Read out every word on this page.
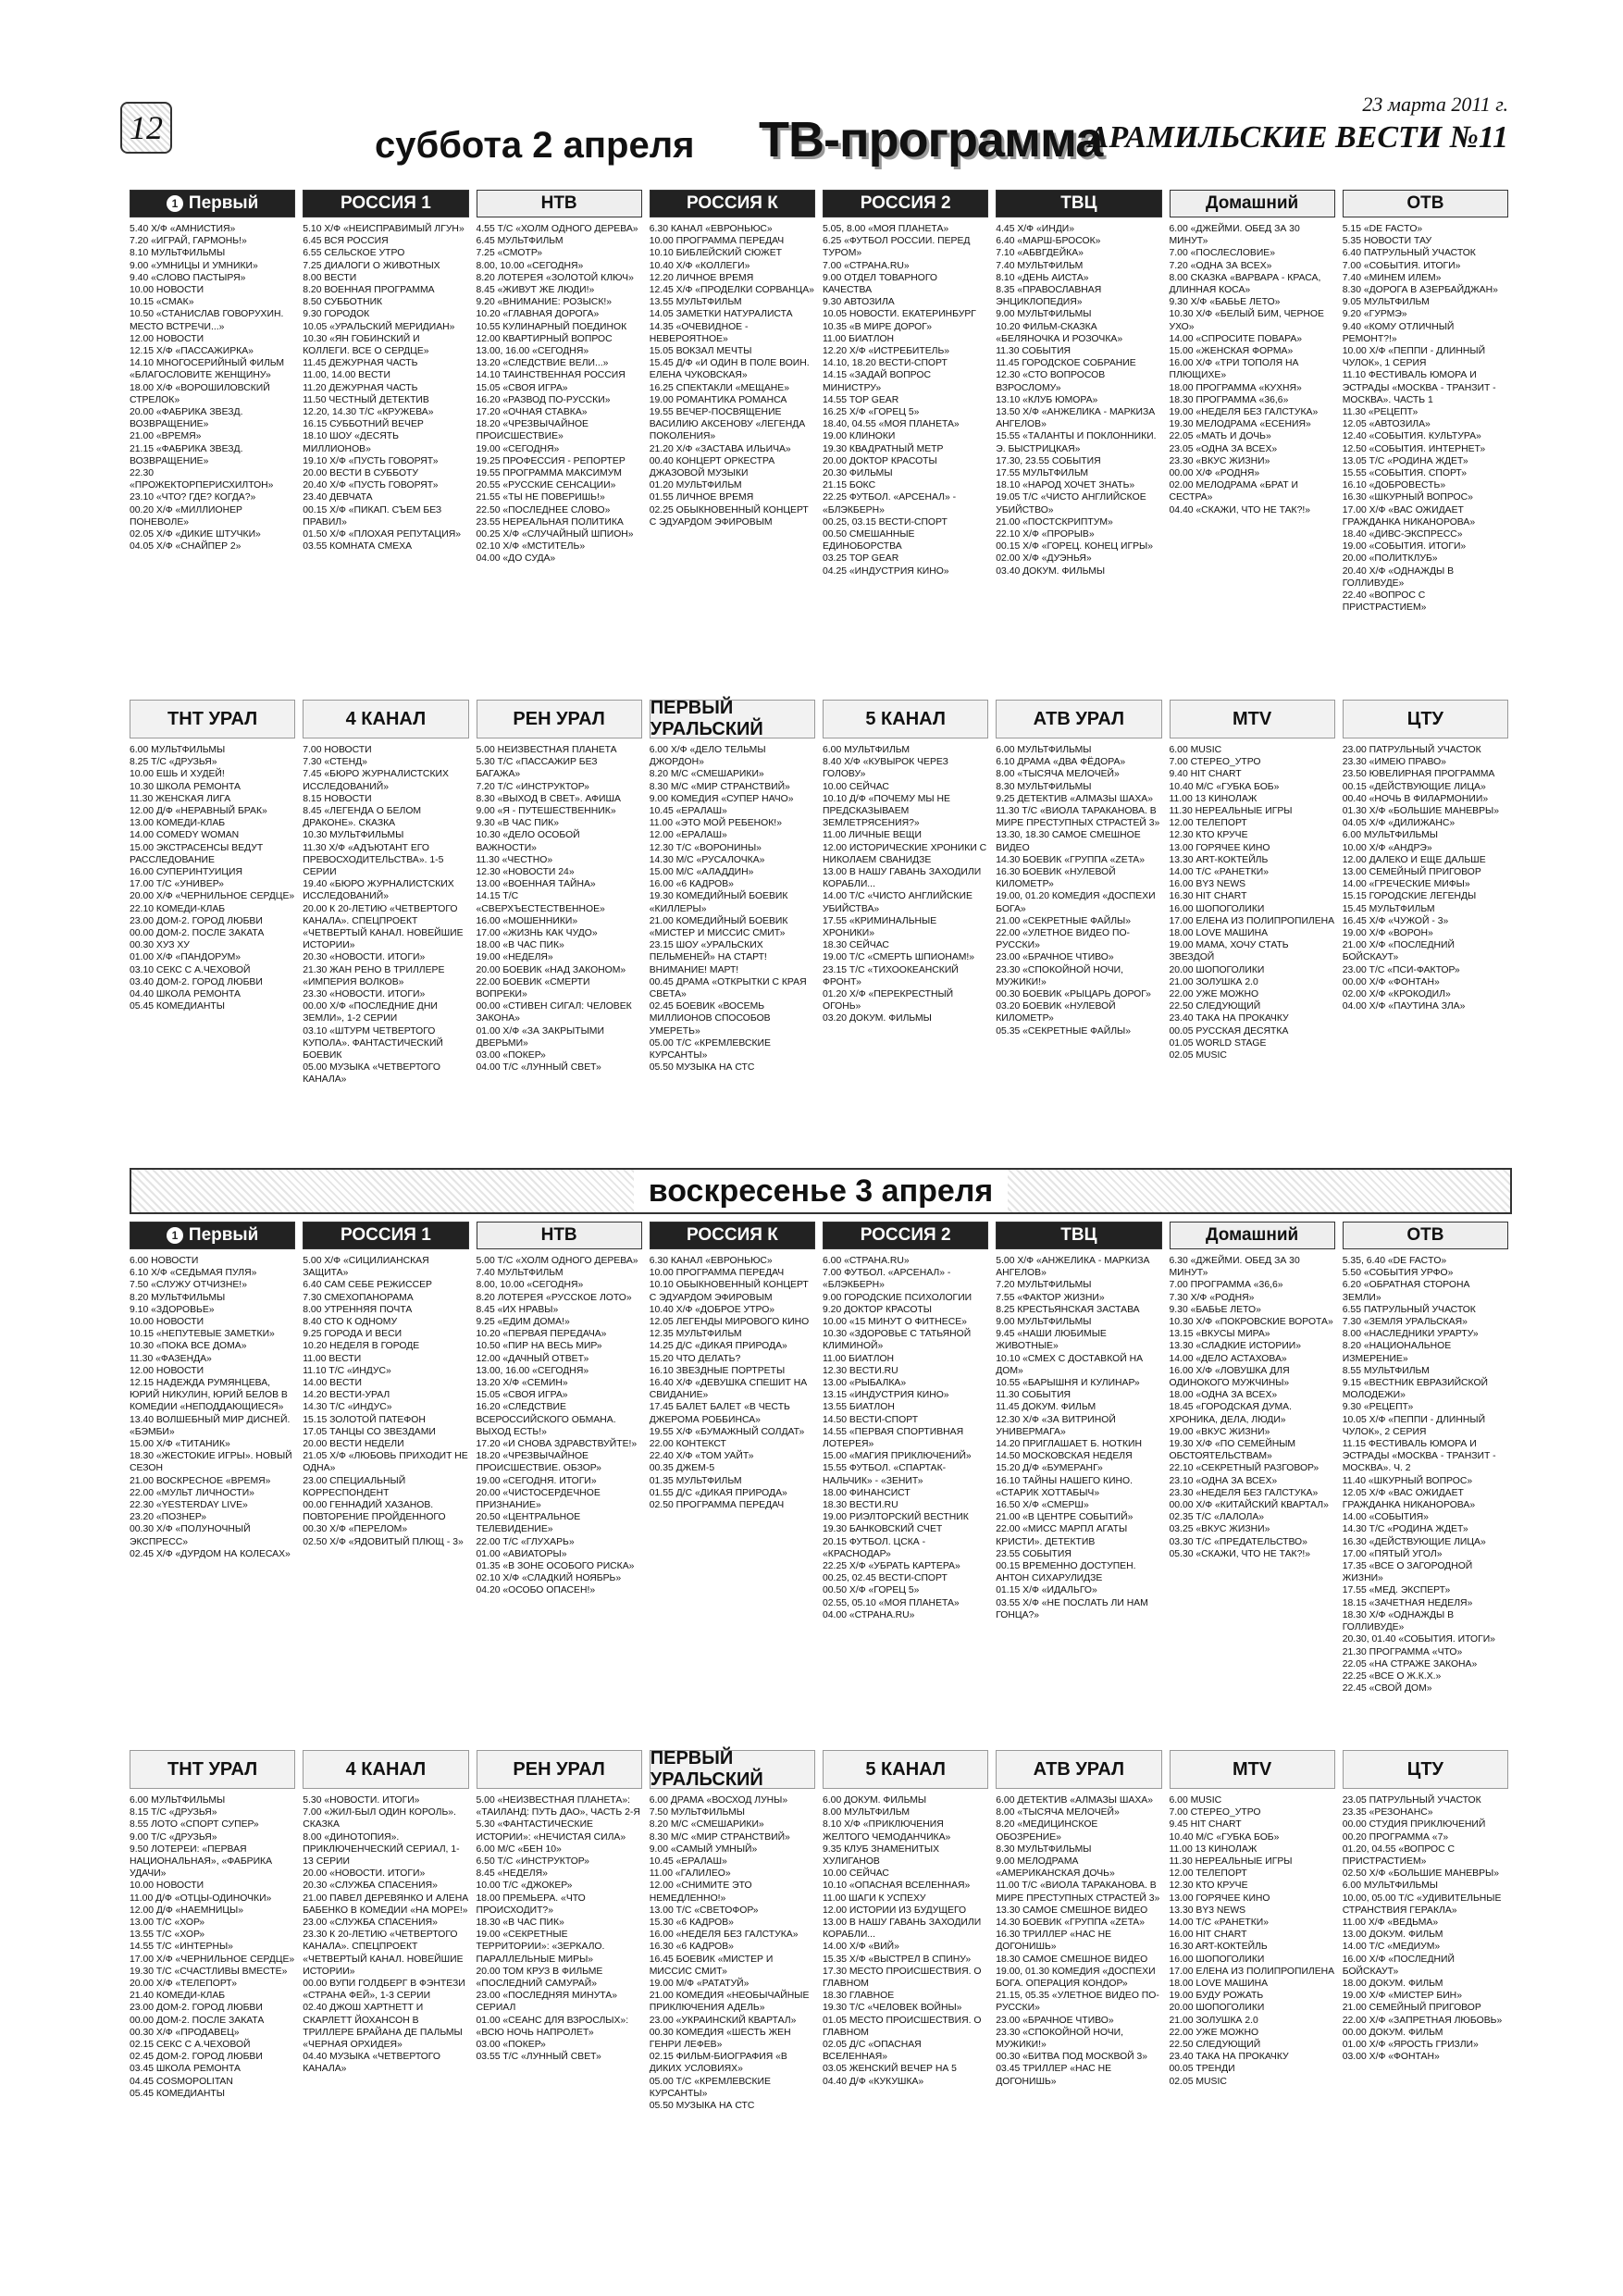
12	суббота 2 апреля ТВ-программа
23 марта 2011 г.
АРАМИЛЬСКИЕ ВЕСТИ №11
1 Первый
5.40 Х/Ф «АМНИСТИЯ»
7.20 «ИГРАЙ, ГАРМОНЬ!»
8.10 МУЛЬТФИЛЬМЫ
9.00 «УМНИЦЫ И УМНИКИ»
9.40 «СЛОВО ПАСТЫРЯ»
10.00 НОВОСТИ
10.15 «СМАК»
10.50 «СТАНИСЛАВ ГОВОРУХИН. МЕСТО ВСТРЕЧИ...»
12.00 НОВОСТИ
12.15 Х/Ф «ПАССАЖИРКА»
14.10 МНОГОСЕРИЙНЫЙ ФИЛЬМ «БЛАГОСЛОВИТЕ ЖЕНЩИНУ»
18.00 Х/Ф «ВОРОШИЛОВСКИЙ СТРЕЛОК»
20.00 «ФАБРИКА ЗВЕЗД. ВОЗВРАЩЕНИЕ»
21.00 «ВРЕМЯ»
21.15 «ФАБРИКА ЗВЕЗД. ВОЗВРАЩЕНИЕ»
22.30 «ПРОЖЕКТОРПЕРИСХИЛТОН»
23.10 «ЧТО? ГДЕ? КОГДА?»
00.20 Х/Ф «МИЛЛИОНЕР ПОНЕВОЛЕ»
02.05 Х/Ф «ДИКИЕ ШТУЧКИ»
04.05 Х/Ф «СНАЙПЕР 2»
РОССИЯ 1
5.10 Х/Ф «НЕИСПРАВИМЫЙ ЛГУН»
6.45 ВСЯ РОССИЯ
6.55 СЕЛЬСКОЕ УТРО
7.25 ДИАЛОГИ О ЖИВОТНЫХ
8.00 ВЕСТИ
8.20 ВОЕННАЯ ПРОГРАММА
8.50 СУББОТНИК
9.30 ГОРОДОК
10.05 «УРАЛЬСКИЙ МЕРИДИАН»
10.30 «ЯН ГОБИНСКИЙ И КОЛЛЕГИ. ВСЕ О СЕРДЦЕ»
11.45 ДЕЖУРНАЯ ЧАСТЬ
11.00, 14.00 ВЕСТИ
11.20 ДЕЖУРНАЯ ЧАСТЬ
11.50 ЧЕСТНЫЙ ДЕТЕКТИВ
12.20, 14.30 Т/С «КРУЖЕВА»
16.15 СУББОТНИЙ ВЕЧЕР
18.10 ШОУ «ДЕСЯТЬ МИЛЛИОНОВ»
19.10 Х/Ф «ПУСТЬ ГОВОРЯТ»
20.00 ВЕСТИ В СУББОТУ
20.40 Х/Ф «ПУСТЬ ГОВОРЯТ»
23.40 ДЕВЧАТА
00.15 Х/Ф «ПИКАП. СЪЕМ БЕЗ ПРАВИЛ»
01.50 Х/Ф «ПЛОХАЯ РЕПУТАЦИЯ»
03.55 КОМНАТА СМЕХА
НТВ
4.55 Т/С «ХОЛМ ОДНОГО ДЕРЕВА»
6.45 МУЛЬТФИЛЬМ
7.25 «СМОТР»
8.00, 10.00 «СЕГОДНЯ»
8.20 ЛОТЕРЕЯ «ЗОЛОТОЙ КЛЮЧ»
8.45 «ЖИВУТ ЖЕ ЛЮДИ!»
9.20 «ВНИМАНИЕ: РОЗЫСК!»
10.20 «ГЛАВНАЯ ДОРОГА»
10.55 КУЛИНАРНЫЙ ПОЕДИНОК
12.00 КВАРТИРНЫЙ ВОПРОС
13.00, 16.00 «СЕГОДНЯ»
13.20 «СЛЕДСТВИЕ ВЕЛИ...»
14.10 ТАИНСТВЕННАЯ РОССИЯ
15.05 «СВОЯ ИГРА»
16.20 «РАЗВОД ПО-РУССКИ»
17.20 «ОЧНАЯ СТАВКА»
18.20 «ЧРЕЗВЫЧАЙНОЕ ПРОИСШЕСТВИЕ»
19.00 «СЕГОДНЯ»
19.25 ПРОФЕССИЯ - РЕПОРТЕР
19.55 ПРОГРАММА МАКСИМУМ
20.55 «РУССКИЕ СЕНСАЦИИ»
21.55 «ТЫ НЕ ПОВЕРИШЬ!»
22.50 «ПОСЛЕДНЕЕ СЛОВО»
23.55 НЕРЕАЛЬНАЯ ПОЛИТИКА
00.25 Х/Ф «СЛУЧАЙНЫЙ ШПИОН»
02.10 Х/Ф «МСТИТЕЛЬ»
04.00 «ДО СУДА»
РОССИЯ К
6.30 КАНАЛ «ЕВРОНЬЮС»
10.00 ПРОГРАММА ПЕРЕДАЧ
10.10 БИБЛЕЙСКИЙ СЮЖЕТ
10.40 Х/Ф «КОЛЛЕГИ»
12.20 ЛИЧНОЕ ВРЕМЯ
12.45 Х/Ф «ПРОДЕЛКИ СОРВАНЦА»
13.55 МУЛЬТФИЛЬМ
14.05 ЗАМЕТКИ НАТУРАЛИСТА
14.35 «ОЧЕВИДНОЕ - НЕВЕРОЯТНОЕ»
15.05 ВОКЗАЛ МЕЧТЫ
15.45 Д/Ф «И ОДИН В ПОЛЕ ВОИН. ЕЛЕНА ЧУКОВСКАЯ»
16.25 СПЕКТАКЛИ «МЕЩАНЕ»
19.00 РОМАНТИКА РОМАНСА
19.55 ВЕЧЕР-ПОСВЯЩЕНИЕ ВАСИЛИЮ АКСЕНОВУ «ЛЕГЕНДА ПОКОЛЕНИЯ»
21.20 Х/Ф «ЗАСТАВА ИЛЬИЧА»
00.40 КОНЦЕРТ ОРКЕСТРА ДЖАЗОВОЙ МУЗЫКИ
01.20 МУЛЬТФИЛЬМ
01.55 ЛИЧНОЕ ВРЕМЯ
02.25 ОБЫКНОВЕННЫЙ КОНЦЕРТ С ЭДУАРДОМ ЭФИРОВЫМ
РОССИЯ 2
5.05, 8.00 «МОЯ ПЛАНЕТА»
6.25 «ФУТБОЛ РОССИИ. ПЕРЕД ТУРОМ»
7.00 «СТРАНА.RU»
9.00 ОТДЕЛ ТОВАРНОГО КАЧЕСТВА
9.30 АВТОЗИЛА
10.05 НОВОСТИ. ЕКАТЕРИНБУРГ
10.35 «В МИРЕ ДОРОГ»
11.00 БИАТЛОН
12.20 Х/Ф «ИСТРЕБИТЕЛЬ»
14.10, 18.20 ВЕСТИ-СПОРТ
14.15 «ЗАДАЙ ВОПРОС МИНИСТРУ»
14.55 TOP GEAR
16.25 Х/Ф «ГОРЕЦ 5»
18.40, 04.55 «МОЯ ПЛАНЕТА»
19.00 КЛИНОКИ
19.30 КВАДРАТНЫЙ МЕТР
20.00 ДОКТОР КРАСОТЫ
20.30 ФИЛЬМЫ
21.15 БОКС
22.25 ФУТБОЛ. «АРСЕНАЛ» - «БЛЭКБЕРН»
00.25, 03.15 ВЕСТИ-СПОРТ
00.50 СМЕШАННЫЕ ЕДИНОБОРСТВА
03.25 TOP GEAR
04.25 «ИНДУСТРИЯ КИНО»
ТВЦ
4.45 Х/Ф «ИНДИ»
6.40 «МАРШ-БРОСОК»
7.10 «АБВГДЕЙКА»
7.40 МУЛЬТФИЛЬМ
8.10 «ДЕНЬ АИСТА»
8.35 «ПРАВОСЛАВНАЯ ЭНЦИКЛОПЕДИЯ»
9.00 МУЛЬТФИЛЬМЫ
10.20 ФИЛЬМ-СКАЗКА «БЕЛЯНОЧКА И РОЗОЧКА»
11.30 СОБЫТИЯ
11.45 ГОРОДСКОЕ СОБРАНИЕ
12.30 «СТО ВОПРОСОВ ВЗРОСЛОМУ»
13.10 «КЛУБ ЮМОРА»
13.50 Х/Ф «АНЖЕЛИКА - МАРКИЗА АНГЕЛОВ»
15.55 «ТАЛАНТЫ И ПОКЛОННИКИ. Э. БЫСТРИЦКАЯ»
17.30, 23.55 СОБЫТИЯ
17.55 МУЛЬТФИЛЬМ
18.10 «НАРОД ХОЧЕТ ЗНАТЬ»
19.05 Т/С «ЧИСТО АНГЛИЙСКОЕ УБИЙСТВО»
21.00 «ПОСТСКРИПТУМ»
22.10 Х/Ф «ПРОРЫВ»
00.15 Х/Ф «ГОРЕЦ. КОНЕЦ ИГРЫ»
02.00 Х/Ф «ДУЭНЬЯ»
03.40 ДОКУМ. ФИЛЬМЫ
Домашний
6.00 «ДЖЕЙМИ. ОБЕД ЗА 30 МИНУТ»
7.00 «ПОСЛЕСЛОВИЕ»
7.20 «ОДНА ЗА ВСЕХ»
8.00 СКАЗКА «ВАРВАРА - КРАСА, ДЛИННАЯ КОСА»
9.30 Х/Ф «БАБЬЕ ЛЕТО»
10.30 Х/Ф «БЕЛЫЙ БИМ, ЧЕРНОЕ УХО»
14.00 «СПРОСИТЕ ПОВАРА»
15.00 «ЖЕНСКАЯ ФОРМА»
16.00 Х/Ф «ТРИ ТОПОЛЯ НА ПЛЮЩИХЕ»
18.00 ПРОГРАММА «КУХНЯ»
18.30 ПРОГРАММА «36,6»
19.00 «НЕДЕЛЯ БЕЗ ГАЛСТУКА»
19.30 МЕЛОДРАМА «ЕСЕНИЯ»
22.05 «МАТЬ И ДОЧЬ»
23.05 «ОДНА ЗА ВСЕХ»
23.30 «ВКУС ЖИЗНИ»
00.00 Х/Ф «РОДНЯ»
02.00 МЕЛОДРАМА «БРАТ И СЕСТРА»
04.40 «СКАЖИ, ЧТО НЕ ТАК?!»
ОТВ
5.15 «DE FACTO»
5.35 НОВОСТИ ТАУ
6.40 ПАТРУЛЬНЫЙ УЧАСТОК
7.00 «СОБЫТИЯ. ИТОГИ»
7.40 «МИНЕМ ИЛЕМ»
8.30 «ДОРОГА В АЗЕРБАЙДЖАН»
9.05 МУЛЬТФИЛЬМ
9.20 «ГУРМЭ»
9.40 «КОМУ ОТЛИЧНЫЙ РЕМОНТ?!»
10.00 Х/Ф «ПЕППИ - ДЛИННЫЙ ЧУЛОК», 1 СЕРИЯ
11.10 ФЕСТИВАЛЬ ЮМОРА И ЭСТРАДЫ «МОСКВА - ТРАНЗИТ - МОСКВА». ЧАСТЬ 1
11.30 «РЕЦЕПТ»
12.05 «АВТОЗИЛА»
12.40 «СОБЫТИЯ. КУЛЬТУРА»
12.50 «СОБЫТИЯ. ИНТЕРНЕТ»
13.05 Т/С «РОДИНА ЖДЕТ»
15.55 «СОБЫТИЯ. СПОРТ»
16.10 «ДОБРОВЕСТЬ»
16.30 «ШКУРНЫЙ ВОПРОС»
17.00 Х/Ф «ВАС ОЖИДАЕТ ГРАЖДАНКА НИКАНОРОВА»
18.40 «ДИВС-ЭКСПРЕСС»
19.00 «СОБЫТИЯ. ИТОГИ»
20.00 «ПОЛИТКЛУБ»
20.40 Х/Ф «ОДНАЖДЫ В ГОЛЛИВУДЕ»
22.40 «ВОПРОС С ПРИСТРАСТИЕМ»
ТНТ УРАЛ
6.00 МУЛЬТФИЛЬМЫ
8.25 Т/С «ДРУЗЬЯ»
10.00 ЕШЬ И ХУДЕЙ!
10.30 ШКОЛА РЕМОНТА
11.30 ЖЕНСКАЯ ЛИГА
12.00 Д/Ф «НЕРАВНЫЙ БРАК»
13.00 КОМЕДИ-КЛАБ
14.00 COMEDY WOMAN
15.00 ЭКСТРАСЕНСЫ ВЕДУТ РАССЛЕДОВАНИЕ
16.00 СУПЕРИНТУИЦИЯ
17.00 Т/С «УНИВЕР»
20.00 Х/Ф «ЧЕРНИЛЬНОЕ СЕРДЦЕ»
22.10 КОМЕДИ-КЛАБ
23.00 ДОМ-2. ГОРОД ЛЮБВИ
00.00 ДОМ-2. ПОСЛЕ ЗАКАТА
00.30 ХУЗ ХУ
01.00 Х/Ф «ПАНДОРУМ»
03.10 СЕКС С А.ЧЕХОВОЙ
03.40 ДОМ-2. ГОРОД ЛЮБВИ
04.40 ШКОЛА РЕМОНТА
05.45 КОМЕДИАНТЫ
4 КАНАЛ
7.00 НОВОСТИ
7.30 «СТЕНД»
7.45 «БЮРО ЖУРНАЛИСТСКИХ ИССЛЕДОВАНИЙ»
8.15 НОВОСТИ
8.45 «ЛЕГЕНДА О БЕЛОМ ДРАКОНЕ». СКАЗКА
10.30 МУЛЬТФИЛЬМЫ
11.30 Х/Ф «АДЪЮТАНТ ЕГО ПРЕВОСХОДИТЕЛЬСТВА». 1-5 СЕРИИ
19.40 «БЮРО ЖУРНАЛИСТСКИХ ИССЛЕДОВАНИЙ»
20.00 К 20-ЛЕТИЮ «ЧЕТВЕРТОГО КАНАЛА». СПЕЦПРОЕКТ «ЧЕТВЕРТЫЙ КАНАЛ. НОВЕЙШИЕ ИСТОРИИ»
20.30 «НОВОСТИ. ИТОГИ»
21.30 ЖАН РЕНО В ТРИЛЛЕРЕ «ИМПЕРИЯ ВОЛКОВ»
23.30 «НОВОСТИ. ИТОГИ»
00.00 Х/Ф «ПОСЛЕДНИЕ ДНИ ЗЕМЛИ», 1-2 СЕРИИ
03.10 «ШТУРМ ЧЕТВЕРТОГО КУПОЛА». ФАНТАСТИЧЕСКИЙ БОЕВИК
05.00 МУЗЫКА «ЧЕТВЕРТОГО КАНАЛА»
РЕН УРАЛ
5.00 НЕИЗВЕСТНАЯ ПЛАНЕТА
5.30 Т/С «ПАССАЖИР БЕЗ БАГАЖА»
7.20 Т/С «ИНСТРУКТОР»
8.30 «ВЫХОД В СВЕТ». АФИША
9.00 «Я - ПУТЕШЕСТВЕННИК»
9.30 «В ЧАС ПИК»
10.30 «ДЕЛО ОСОБОЙ ВАЖНОСТИ»
11.30 «ЧЕСТНО»
12.30 «НОВОСТИ 24»
13.00 «ВОЕННАЯ ТАЙНА»
14.15 Т/С «СВЕРХЪЕСТЕСТВЕННОЕ»
16.00 «МОШЕННИКИ»
17.00 «ЖИЗНЬ КАК ЧУДО»
18.00 «В ЧАС ПИК»
19.00 «НЕДЕЛЯ»
20.00 БОЕВИК «НАД ЗАКОНОМ»
22.00 БОЕВИК «СМЕРТИ ВОПРЕКИ»
00.00 «СТИВЕН СИГАЛ: ЧЕЛОВЕК ЗАКОНА»
01.00 Х/Ф «ЗА ЗАКРЫТЫМИ ДВЕРЬМИ»
03.00 «ПОКЕР»
04.00 Т/С «ЛУННЫЙ СВЕТ»
ПЕРВЫЙ УРАЛЬСКИЙ
6.00 Х/Ф «ДЕЛО ТЕЛЬМЫ ДЖОРДОН»
8.20 М/С «СМЕШАРИКИ»
8.30 М/С «МИР СТРАНСТВИЙ»
9.00 КОМЕДИЯ «СУПЕР НАЧО»
10.45 «ЕРАЛАШ»
11.00 «ЭТО МОЙ РЕБЕНОК!»
12.00 «ЕРАЛАШ»
12.30 Т/С «ВОРОНИНЫ»
14.30 М/С «РУСАЛОЧКА»
15.00 М/С «АЛАДДИН»
16.00 «6 КАДРОВ»
19.30 КОМЕДИЙНЫЙ БОЕВИК «КИЛЛЕРЫ»
21.00 КОМЕДИЙНЫЙ БОЕВИК «МИСТЕР И МИССИС СМИТ»
23.15 ШОУ «УРАЛЬСКИХ ПЕЛЬМЕНЕЙ» НА СТАРТ! ВНИМАНИЕ! МАРТ!
00.45 ДРАМА «ОТКРЫТКИ С КРАЯ СВЕТА»
02.45 БОЕВИК «ВОСЕМЬ МИЛЛИОНОВ СПОСОБОВ УМЕРЕТЬ»
05.00 Т/С «КРЕМЛЕВСКИЕ КУРСАНТЫ»
05.50 МУЗЫКА НА СТС
5 КАНАЛ
6.00 МУЛЬТФИЛЬМ
8.40 Х/Ф «КУВЫРОК ЧЕРЕЗ ГОЛОВУ»
10.00 СЕЙЧАС
10.10 Д/Ф «ПОЧЕМУ МЫ НЕ ПРЕДСКАЗЫВАЕМ ЗЕМЛЕТРЯСЕНИЯ?»
11.00 ЛИЧНЫЕ ВЕЩИ
12.00 ИСТОРИЧЕСКИЕ ХРОНИКИ С НИКОЛАЕМ СВАНИДЗЕ
13.00 В НАШУ ГАВАНЬ ЗАХОДИЛИ КОРАБЛИ...
14.00 Т/С «ЧИСТО АНГЛИЙСКИЕ УБИЙСТВА»
17.55 «КРИМИНАЛЬНЫЕ ХРОНИКИ»
18.30 СЕЙЧАС
19.00 Т/С «СМЕРТЬ ШПИОНАМ!»
23.15 Т/С «ТИХООКЕАНСКИЙ ФРОНТ»
01.20 Х/Ф «ПЕРЕКРЕСТНЫЙ ОГОНЬ»
03.20 ДОКУМ. ФИЛЬМЫ
АТВ УРАЛ
6.00 МУЛЬТФИЛЬМЫ
6.10 ДРАМА «ДВА ФЁДОРА»
8.00 «ТЫСЯЧА МЕЛОЧЕЙ»
8.30 МУЛЬТФИЛЬМЫ
9.25 ДЕТЕКТИВ «АЛМАЗЫ ШАХА»
11.30 Т/С «ВИОЛА ТАРАКАНОВА. В МИРЕ ПРЕСТУПНЫХ СТРАСТЕЙ 3»
13.30, 18.30 САМОЕ СМЕШНОЕ ВИДЕО
14.30 БОЕВИК «ГРУППА «ZETA»
16.30 БОЕВИК «НУЛЕВОЙ КИЛОМЕТР»
19.00, 01.20 КОМЕДИЯ «ДОСПЕХИ БОГА»
21.00 «СЕКРЕТНЫЕ ФАЙЛЫ»
22.00 «УЛЕТНОЕ ВИДЕО ПО-РУССКИ»
23.00 «БРАЧНОЕ ЧТИВО»
23.30 «СПОКОЙНОЙ НОЧИ, МУЖИКИ!»
00.30 БОЕВИК «РЫЦАРЬ ДОРОГ»
03.20 БОЕВИК «НУЛЕВОЙ КИЛОМЕТР»
05.35 «СЕКРЕТНЫЕ ФАЙЛЫ»
MTV
6.00 MUSIC
7.00 СТЕРЕО_УТРО
9.40 HIT CHART
10.40 М/С «ГУБКА БОБ»
11.00 13 КИНОЛАЖ
11.30 НЕРЕАЛЬНЫЕ ИГРЫ
12.00 ТЕЛЕПОРТ
12.30 КТО КРУЧЕ
13.00 ГОРЯЧЕЕ КИНО
13.30 ART-КОКТЕЙЛЬ
14.00 Т/С «РАНЕТКИ»
16.00 BY3 NEWS
16.30 HIT CHART
16.00 ШОПОГОЛИКИ
17.00 ЕЛЕНА ИЗ ПОЛИПРОПИЛЕНА
18.00 LOVE МАШИНА
19.00 МАМА, ХОЧУ СТАТЬ ЗВЕЗДОЙ
20.00 ШОПОГОЛИКИ
21.00 ЗОЛУШКА 2.0
22.00 УЖЕ МОЖНО
22.50 СЛЕДУЮЩИЙ
23.40 ТАКА НА ПРОКАЧКУ
00.05 РУССКАЯ ДЕСЯТКА
01.05 WORLD STAGE
02.05 MUSIC
ЦТУ
23.00 ПАТРУЛЬНЫЙ УЧАСТОК
23.30 «ИМЕЮ ПРАВО»
23.50 ЮВЕЛИРНАЯ ПРОГРАММА
00.15 «ДЕЙСТВУЮЩИЕ ЛИЦА»
00.40 «НОЧЬ В ФИЛАРМОНИИ»
01.30 Х/Ф «БОЛЬШИЕ МАНЕВРЫ»
04.05 Х/Ф «ДИЛИЖАНС»
6.00 МУЛЬТФИЛЬМЫ
10.00 Х/Ф «АНДРЭ»
12.00 ДАЛЕКО И ЕЩЕ ДАЛЬШЕ
13.00 СЕМЕЙНЫЙ ПРИГОВОР
14.00 «ГРЕЧЕСКИЕ МИФЫ»
15.15 ГОРОДСКИЕ ЛЕГЕНДЫ
15.45 МУЛЬТФИЛЬМ
16.45 Х/Ф «ЧУЖОЙ - 3»
19.00 Х/Ф «ВОРОН»
21.00 Х/Ф «ПОСЛЕДНИЙ БОЙСКАУТ»
23.00 Т/С «ПСИ-ФАКТОР»
00.00 Х/Ф «ФОНТАН»
02.00 Х/Ф «КРОКОДИЛ»
04.00 Х/Ф «ПАУТИНА ЗЛА»
воскресенье 3 апреля
1 Первый
6.00 НОВОСТИ
6.10 Х/Ф «СЕДЬМАЯ ПУЛЯ»
7.50 «СЛУЖУ ОТЧИЗНЕ!»
8.20 МУЛЬТФИЛЬМЫ
9.10 «ЗДОРОВЬЕ»
10.00 НОВОСТИ
10.15 «НЕПУТЕВЫЕ ЗАМЕТКИ»
10.30 «ПОКА ВСЕ ДОМА»
11.30 «ФАЗЕНДА»
12.00 НОВОСТИ
12.15 НАДЕЖДА РУМЯНЦЕВА, ЮРИЙ НИКУЛИН, ЮРИЙ БЕЛОВ В КОМЕДИИ «НЕПОДДАЮЩИЕСЯ»
13.40 ВОЛШЕБНЫЙ МИР ДИСНЕЙ. «БЭМБИ»
15.00 Х/Ф «ТИТАНИК»
18.30 «ЖЕСТОКИЕ ИГРЫ». НОВЫЙ СЕЗОН
21.00 ВОСКРЕСНОЕ «ВРЕМЯ»
22.00 «МУЛЬТ ЛИЧНОСТИ»
22.30 «YESTERDAY LIVE»
23.20 «ПОЗНЕР»
00.30 Х/Ф «ПОЛУНОЧНЫЙ ЭКСПРЕСС»
02.45 Х/Ф «ДУРДОМ НА КОЛЕСАХ»
РОССИЯ 1
5.00 Х/Ф «СИЦИЛИАНСКАЯ ЗАЩИТА»
6.40 САМ СЕБЕ РЕЖИССЕР
7.30 СМЕХОПАНОРАМА
8.00 УТРЕННЯЯ ПОЧТА
8.40 СТО К ОДНОМУ
9.25 ГОРОДА И ВЕСИ
10.20 НЕДЕЛЯ В ГОРОДЕ
11.00 ВЕСТИ
11.10 Т/С «ИНДУС»
14.00 ВЕСТИ
14.20 ВЕСТИ-УРАЛ
14.30 Т/С «ИНДУС»
15.15 ЗОЛОТОЙ ПАТЕФОН
17.05 ТАНЦЫ СО ЗВЕЗДАМИ
20.00 ВЕСТИ НЕДЕЛИ
21.05 Х/Ф «ЛЮБОВЬ ПРИХОДИТ НЕ ОДНА»
23.00 СПЕЦИАЛЬНЫЙ КОРРЕСПОНДЕНТ
00.00 ГЕННАДИЙ ХАЗАНОВ. ПОВТОРЕНИЕ ПРОЙДЕННОГО
00.30 Х/Ф «ПЕРЕЛОМ»
02.50 Х/Ф «ЯДОВИТЫЙ ПЛЮЩ - 3»
НТВ
5.00 Т/С «ХОЛМ ОДНОГО ДЕРЕВА»
7.40 МУЛЬТФИЛЬМ
8.00, 10.00 «СЕГОДНЯ»
8.20 ЛОТЕРЕЯ «РУССКОЕ ЛОТО»
8.45 «ИХ НРАВЫ»
9.25 «ЕДИМ ДОМА!»
10.20 «ПЕРВАЯ ПЕРЕДАЧА»
10.50 «ПИР НА ВЕСЬ МИР»
12.00 «ДАЧНЫЙ ОТВЕТ»
13.00, 16.00 «СЕГОДНЯ»
13.20 Х/Ф «СЕМИН»
15.05 «СВОЯ ИГРА»
16.20 «СЛЕДСТВИЕ ВСЕРОССИЙСКОГО ОБМАНА. ВЫХОД ЕСТЬ!»
17.20 «И СНОВА ЗДРАВСТВУЙТЕ!»
18.20 «ЧРЕЗВЫЧАЙНОЕ ПРОИСШЕСТВИЕ. ОБЗОР»
19.00 «СЕГОДНЯ. ИТОГИ»
20.00 «ЧИСТОСЕРДЕЧНОЕ ПРИЗНАНИЕ»
20.50 «ЦЕНТРАЛЬНОЕ ТЕЛЕВИДЕНИЕ»
22.00 Т/С «ГЛУХАРЬ»
01.00 «АВИАТОРЫ»
01.35 «В ЗОНЕ ОСОБОГО РИСКА»
02.10 Х/Ф «СЛАДКИЙ НОЯБРЬ»
04.20 «ОСОБО ОПАСЕН!»
РОССИЯ К
6.30 КАНАЛ «ЕВРОНЬЮС»
10.00 ПРОГРАММА ПЕРЕДАЧ
10.10 ОБЫКНОВЕННЫЙ КОНЦЕРТ С ЭДУАРДОМ ЭФИРОВЫМ
10.40 Х/Ф «ДОБРОЕ УТРО»
12.05 ЛЕГЕНДЫ МИРОВОГО КИНО
12.35 МУЛЬТФИЛЬМ
14.25 Д/С «ДИКАЯ ПРИРОДА»
15.20 ЧТО ДЕЛАТЬ?
16.10 ЗВЕЗДНЫЕ ПОРТРЕТЫ
16.40 Х/Ф «ДЕВУШКА СПЕШИТ НА СВИДАНИЕ»
17.45 БАЛЕТ БАЛЕТ «В ЧЕСТЬ ДЖЕРОМА РОББИНСА»
19.55 Х/Ф «БУМАЖНЫЙ СОЛДАТ»
22.00 КОНТЕКСТ
22.40 Х/Ф «ТОМ УАЙТ»
00.35 ДЖЕМ-5
01.35 МУЛЬТФИЛЬМ
01.55 Д/С «ДИКАЯ ПРИРОДА»
02.50 ПРОГРАММА ПЕРЕДАЧ
РОССИЯ 2
6.00 «СТРАНА.RU»
7.00 ФУТБОЛ. «АРСЕНАЛ» - «БЛЭКБЕРН»
9.00 ГОРОДСКИЕ ПСИХОЛОГИИ
9.20 ДОКТОР КРАСОТЫ
10.00 «15 МИНУТ О ФИТНЕСЕ»
10.30 «ЗДОРОВЬЕ С ТАТЬЯНОЙ КЛИМИНОЙ»
11.00 БИАТЛОН
12.30 ВЕСТИ.RU
13.00 «РЫБАЛКА»
13.15 «ИНДУСТРИЯ КИНО»
13.55 БИАТЛОН
14.50 ВЕСТИ-СПОРТ
14.55 «ПЕРВАЯ СПОРТИВНАЯ ЛОТЕРЕЯ»
15.00 «МАГИЯ ПРИКЛЮЧЕНИЙ»
15.55 ФУТБОЛ. «СПАРТАК-НАЛЬЧИК» - «ЗЕНИТ»
18.00 ФИНАНСИСТ
18.30 ВЕСТИ.RU
19.00 РИЭЛТОРСКИЙ ВЕСТНИК
19.30 БАНКОВСКИЙ СЧЕТ
20.15 ФУТБОЛ. ЦСКА - «КРАСНОДАР»
22.25 Х/Ф «УБРАТЬ КАРТЕРА»
00.25, 02.45 ВЕСТИ-СПОРТ
00.50 Х/Ф «ГОРЕЦ 5»
02.55, 05.10 «МОЯ ПЛАНЕТА»
04.00 «СТРАНА.RU»
ТВЦ
5.00 Х/Ф «АНЖЕЛИКА - МАРКИЗА АНГЕЛОВ»
7.20 МУЛЬТФИЛЬМЫ
7.55 «ФАКТОР ЖИЗНИ»
8.25 КРЕСТЬЯНСКАЯ ЗАСТАВА
9.00 МУЛЬТФИЛЬМЫ
9.45 «НАШИ ЛЮБИМЫЕ ЖИВОТНЫЕ»
10.10 «СМЕХ С ДОСТАВКОЙ НА ДОМ»
10.55 «БАРЫШНЯ И КУЛИНАР»
11.30 СОБЫТИЯ
11.45 ДОКУМ. ФИЛЬМ
12.30 Х/Ф «ЗА ВИТРИНОЙ УНИВЕРМАГА»
14.20 ПРИГЛАШАЕТ Б. НОТКИН
14.50 МОСКОВСКАЯ НЕДЕЛЯ
15.20 Д/Ф «БУМЕРАНГ»
16.10 ТАЙНЫ НАШЕГО КИНО. «СТАРИК ХОТТАБЫЧ»
16.50 Х/Ф «СМЕРШ»
21.00 «В ЦЕНТРЕ СОБЫТИЙ»
22.00 «МИСС МАРПЛ АГАТЫ КРИСТИ». ДЕТЕКТИВ
23.55 СОБЫТИЯ
00.15 ВРЕМЕННО ДОСТУПЕН. АНТОН СИХАРУЛИДЗЕ
01.15 Х/Ф «ИДАЛЬГО»
03.55 Х/Ф «НЕ ПОСЛАТЬ ЛИ НАМ ГОНЦА?»
Домашний
6.30 «ДЖЕЙМИ. ОБЕД ЗА 30 МИНУТ»
7.00 ПРОГРАММА «36,6»
7.30 Х/Ф «РОДНЯ»
9.30 «БАБЬЕ ЛЕТО»
10.30 Х/Ф «ПОКРОВСКИЕ ВОРОТА»
13.15 «ВКУСЫ МИРА»
13.30 «СЛАДКИЕ ИСТОРИИ»
14.00 «ДЕЛО АСТАХОВА»
16.00 Х/Ф «ЛОВУШКА ДЛЯ ОДИНОКОГО МУЖЧИНЫ»
18.00 «ОДНА ЗА ВСЕХ»
18.45 «ГОРОДСКАЯ ДУМА. ХРОНИКА, ДЕЛА, ЛЮДИ»
19.00 «ВКУС ЖИЗНИ»
19.30 Х/Ф «ПО СЕМЕЙНЫМ ОБСТОЯТЕЛЬСТВАМ»
22.10 «СЕКРЕТНЫЙ РАЗГОВОР»
23.10 «ОДНА ЗА ВСЕХ»
23.30 «НЕДЕЛЯ БЕЗ ГАЛСТУКА»
00.00 Х/Ф «КИТАЙСКИЙ КВАРТАЛ»
02.35 Т/С «ЛАЛОЛА»
03.25 «ВКУС ЖИЗНИ»
03.30 Т/С «ПРЕДАТЕЛЬСТВО»
05.30 «СКАЖИ, ЧТО НЕ ТАК?!»
ОТВ
5.35, 6.40 «DE FACTO»
5.50 «СОБЫТИЯ УРФО»
6.20 «ОБРАТНАЯ СТОРОНА ЗЕМЛИ»
6.55 ПАТРУЛЬНЫЙ УЧАСТОК
7.30 «ЗЕМЛЯ УРАЛЬСКАЯ»
8.00 «НАСЛЕДНИКИ УРАРТУ»
8.20 «НАЦИОНАЛЬНОЕ ИЗМЕРЕНИЕ»
8.55 МУЛЬТФИЛЬМ
9.15 «ВЕСТНИК ЕВРАЗИЙСКОЙ МОЛОДЕЖИ»
9.30 «РЕЦЕПТ»
10.05 Х/Ф «ПЕППИ - ДЛИННЫЙ ЧУЛОК», 2 СЕРИЯ
11.15 ФЕСТИВАЛЬ ЮМОРА И ЭСТРАДЫ «МОСКВА - ТРАНЗИТ - МОСКВА». Ч. 2
11.40 «ШКУРНЫЙ ВОПРОС»
12.05 Х/Ф «ВАС ОЖИДАЕТ ГРАЖДАНКА НИКАНОРОВА»
14.00 «СОБЫТИЯ»
14.30 Т/С «РОДИНА ЖДЕТ»
16.30 «ДЕЙСТВУЮЩИЕ ЛИЦА»
17.00 «ПЯТЫЙ УГОЛ»
17.35 «ВСЕ О ЗАГОРОДНОЙ ЖИЗНИ»
17.55 «МЕД. ЭКСПЕРТ»
18.15 «ЗАЧЕТНАЯ НЕДЕЛЯ»
18.30 Х/Ф «ОДНАЖДЫ В ГОЛЛИВУДЕ»
20.30, 01.40 «СОБЫТИЯ. ИТОГИ»
21.30 ПРОГРАММА «ЧТО»
22.05 «НА СТРАЖЕ ЗАКОНА»
22.25 «ВСЕ О Ж.К.Х.»
22.45 «СВОЙ ДОМ»
ТНТ УРАЛ
6.00 МУЛЬТФИЛЬМЫ
8.15 Т/С «ДРУЗЬЯ»
8.55 ЛОТО «СПОРТ СУПЕР»
9.00 Т/С «ДРУЗЬЯ»
9.50 ЛОТЕРЕИ: «ПЕРВАЯ НАЦИОНАЛЬНАЯ», «ФАБРИКА УДАЧИ»
10.00 НОВОСТИ
11.00 Д/Ф «ОТЦЫ-ОДИНОЧКИ»
12.00 Д/Ф «НАЕМНИЦЫ»
13.00 Т/С «ХОР»
13.55 Т/С «ХОР»
14.55 Т/С «ИНТЕРНЫ»
17.00 Х/Ф «ЧЕРНИЛЬНОЕ СЕРДЦЕ»
19.30 Т/С «СЧАСТЛИВЫ ВМЕСТЕ»
20.00 Х/Ф «ТЕЛЕПОРТ»
21.40 КОМЕДИ-КЛАБ
23.00 ДОМ-2. ГОРОД ЛЮБВИ
00.00 ДОМ-2. ПОСЛЕ ЗАКАТА
00.30 Х/Ф «ПРОДАВЕЦ»
02.15 СЕКС С А.ЧЕХОВОЙ
02.45 ДОМ-2. ГОРОД ЛЮБВИ
03.45 ШКОЛА РЕМОНТА
04.45 COSMOPOLITAN
05.45 КОМЕДИАНТЫ
4 КАНАЛ
5.30 «НОВОСТИ. ИТОГИ»
7.00 «ЖИЛ-БЫЛ ОДИН КОРОЛЬ». СКАЗКА
8.00 «ДИНОТОПИЯ». ПРИКЛЮЧЕНЧЕСКИЙ СЕРИАЛ, 1-13 СЕРИИ
20.00 «НОВОСТИ. ИТОГИ»
20.30 «СЛУЖБА СПАСЕНИЯ»
21.00 ПАВЕЛ ДЕРЕВЯНКО И АЛЕНА БАБЕНКО В КОМЕДИИ «НА МОРЕ!»
23.00 «СЛУЖБА СПАСЕНИЯ»
23.30 К 20-ЛЕТИЮ «ЧЕТВЕРТОГО КАНАЛА». СПЕЦПРОЕКТ «ЧЕТВЕРТЫЙ КАНАЛ. НОВЕЙШИЕ ИСТОРИИ»
00.00 ВУПИ ГОЛДБЕРГ В ФЭНТЕЗИ «СТРАНА ФЕЙ», 1-3 СЕРИИ
02.40 ДЖОШ ХАРТНЕТТ И СКАРЛЕТТ ЙОХАНСОН В ТРИЛЛЕРЕ БРАЙАНА ДЕ ПАЛЬМЫ «ЧЕРНАЯ ОРХИДЕЯ»
04.40 МУЗЫКА «ЧЕТВЕРТОГО КАНАЛА»
РЕН УРАЛ
5.00 «НЕИЗВЕСТНАЯ ПЛАНЕТА»: «ТАИЛАНД: ПУТЬ ДАО», ЧАСТЬ 2-Я
5.30 «ФАНТАСТИЧЕСКИЕ ИСТОРИИ»: «НЕЧИСТАЯ СИЛА»
6.00 М/С «БЕН 10»
6.50 Т/С «ИНСТРУКТОР»
8.45 «НЕДЕЛЯ»
10.00 Т/С «ДЖОКЕР»
18.00 ПРЕМЬЕРА. «ЧТО ПРОИСХОДИТ?»
18.30 «В ЧАС ПИК»
19.00 «СЕКРЕТНЫЕ ТЕРРИТОРИИ»: «ЗЕРКАЛО. ПАРАЛЛЕЛЬНЫЕ МИРЫ»
20.00 ТОМ КРУЗ В ФИЛЬМЕ «ПОСЛЕДНИЙ САМУРАЙ»
23.00 «ПОСЛЕДНЯЯ МИНУТА» СЕРИАЛ
01.00 «СЕАНС ДЛЯ ВЗРОСЛЫХ»: «ВСЮ НОЧЬ НАПРОЛЕТ»
03.00 «ПОКЕР»
03.55 Т/С «ЛУННЫЙ СВЕТ»
ПЕРВЫЙ УРАЛЬСКИЙ
6.00 ДРАМА «ВОСХОД ЛУНЫ»
7.50 МУЛЬТФИЛЬМЫ
8.20 М/С «СМЕШАРИКИ»
8.30 М/С «МИР СТРАНСТВИЙ»
9.00 «САМЫЙ УМНЫЙ»
10.45 «ЕРАЛАШ»
11.00 «ГАЛИЛЕО»
12.00 «СНИМИТЕ ЭТО НЕМЕДЛЕННО!»
13.00 Т/С «СВЕТОФОР»
15.30 «6 КАДРОВ»
16.00 «НЕДЕЛЯ БЕЗ ГАЛСТУКА»
16.30 «6 КАДРОВ»
16.45 БОЕВИК «МИСТЕР И МИССИС СМИТ»
19.00 М/Ф «РАТАТУЙ»
21.00 КОМЕДИЯ «НЕОБЫЧАЙНЫЕ ПРИКЛЮЧЕНИЯ АДЕЛЬ»
23.00 «УКРАИНСКИЙ КВАРТАЛ»
00.30 КОМЕДИЯ «ШЕСТЬ ЖЕН ГЕНРИ ЛЕФЕВ»
02.15 ФИЛЬМ-БИОГРАФИЯ «В ДИКИХ УСЛОВИЯХ»
05.00 Т/С «КРЕМЛЕВСКИЕ КУРСАНТЫ»
05.50 МУЗЫКА НА СТС
5 КАНАЛ
6.00 ДОКУМ. ФИЛЬМЫ
8.00 МУЛЬТФИЛЬМ
8.10 Х/Ф «ПРИКЛЮЧЕНИЯ ЖЕЛТОГО ЧЕМОДАНЧИКА»
9.35 КЛУБ ЗНАМЕНИТЫХ ХУЛИГАНОВ
10.00 СЕЙЧАС
10.10 «ОПАСНАЯ ВСЕЛЕННАЯ»
11.00 ШАГИ К УСПЕХУ
12.00 ИСТОРИИ ИЗ БУДУЩЕГО
13.00 В НАШУ ГАВАНЬ ЗАХОДИЛИ КОРАБЛИ...
14.00 Х/Ф «ВИЙ»
15.35 Х/Ф «ВЫСТРЕЛ В СПИНУ»
17.30 МЕСТО ПРОИСШЕСТВИЯ. О ГЛАВНОМ
18.30 ГЛАВНОЕ
19.30 Т/С «ЧЕЛОВЕК ВОЙНЫ»
01.05 МЕСТО ПРОИСШЕСТВИЯ. О ГЛАВНОМ
02.05 Д/С «ОПАСНАЯ ВСЕЛЕННАЯ»
03.05 ЖЕНСКИЙ ВЕЧЕР НА 5
04.40 Д/Ф «КУКУШКА»
АТВ УРАЛ
6.00 ДЕТЕКТИВ «АЛМАЗЫ ШАХА»
8.00 «ТЫСЯЧА МЕЛОЧЕЙ»
8.20 «МЕДИЦИНСКОЕ ОБОЗРЕНИЕ»
8.30 МУЛЬТФИЛЬМЫ
9.00 МЕЛОДРАМА «АМЕРИКАНСКАЯ ДОЧЬ»
11.00 Т/С «ВИОЛА ТАРАКАНОВА. В МИРЕ ПРЕСТУПНЫХ СТРАСТЕЙ 3»
13.30 САМОЕ СМЕШНОЕ ВИДЕО
14.30 БОЕВИК «ГРУППА «ZETA»
16.30 ТРИЛЛЕР «НАС НЕ ДОГОНИШЬ»
18.30 САМОЕ СМЕШНОЕ ВИДЕО
19.00, 01.30 КОМЕДИЯ «ДОСПЕХИ БОГА. ОПЕРАЦИЯ КОНДОР»
21.15, 05.35 «УЛЕТНОЕ ВИДЕО ПО-РУССКИ»
23.00 «БРАЧНОЕ ЧТИВО»
23.30 «СПОКОЙНОЙ НОЧИ, МУЖИКИ!»
00.30 «БИТВА ПОД МОСКВОЙ 3»
03.45 ТРИЛЛЕР «НАС НЕ ДОГОНИШЬ»
MTV
6.00 MUSIC
7.00 СТЕРЕО_УТРО
9.45 HIT CHART
10.40 М/С «ГУБКА БОБ»
11.00 13 КИНОЛАЖ
11.30 НЕРЕАЛЬНЫЕ ИГРЫ
12.00 ТЕЛЕПОРТ
12.30 КТО КРУЧЕ
13.00 ГОРЯЧЕЕ КИНО
13.30 BY3 NEWS
14.00 Т/С «РАНЕТКИ»
16.00 HIT CHART
16.30 ART-КОКТЕЙЛЬ
16.00 ШОПОГОЛИКИ
17.00 ЕЛЕНА ИЗ ПОЛИПРОПИЛЕНА
18.00 LOVE МАШИНА
19.00 БУДУ РОЖАТЬ
20.00 ШОПОГОЛИКИ
21.00 ЗОЛУШКА 2.0
22.00 УЖЕ МОЖНО
22.50 СЛЕДУЮЩИЙ
23.40 ТАКА НА ПРОКАЧКУ
00.05 ТРЕНДИ
02.05 MUSIC
ЦТУ
23.05 ПАТРУЛЬНЫЙ УЧАСТОК
23.35 «РЕЗОНАНС»
00.00 СТУДИЯ ПРИКЛЮЧЕНИЙ
00.20 ПРОГРАММА «7»
01.20, 04.55 «ВОПРОС С ПРИСТРАСТИЕМ»
02.50 Х/Ф «БОЛЬШИЕ МАНЕВРЫ»
6.00 МУЛЬТФИЛЬМЫ
10.00, 05.00 Т/С «УДИВИТЕЛЬНЫЕ СТРАНСТВИЯ ГЕРАКЛА»
11.00 Х/Ф «ВЕДЬМА»
13.00 ДОКУМ. ФИЛЬМ
14.00 Т/С «МЕДИУМ»
16.00 Х/Ф «ПОСЛЕДНИЙ БОЙСКАУТ»
18.00 ДОКУМ. ФИЛЬМ
19.00 Х/Ф «МИСТЕР БИН»
21.00 СЕМЕЙНЫЙ ПРИГОВОР
22.00 Х/Ф «ЗАПРЕТНАЯ ЛЮБОВЬ»
00.00 ДОКУМ. ФИЛЬМ
01.00 Х/Ф «ЯРОСТЬ ГРИЗЛИ»
03.00 Х/Ф «ФОНТАН»
